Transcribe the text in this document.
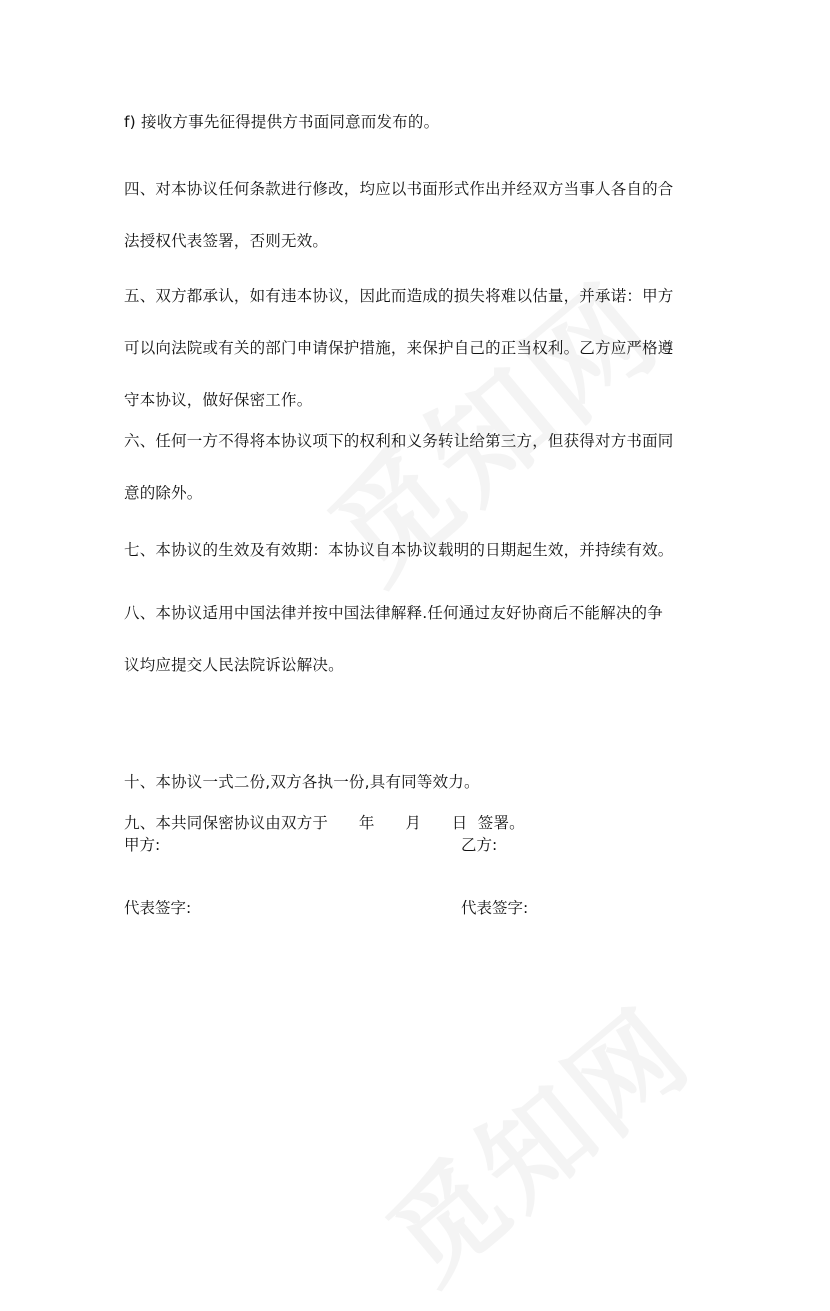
f) 接收方事先征得提供方书面同意而发布的。
四、对本协议任何条款进行修改，均应以书面形式作出并经双方当事人各自的合
法授权代表签署，否则无效。
五、双方都承认，如有违本协议，因此而造成的损失将难以估量，并承诺：甲方
可以向法院或有关的部门申请保护措施，来保护自己的正当权利。乙方应严格遵
守本协议，做好保密工作。
六、任何一方不得将本协议项下的权利和义务转让给第三方，但获得对方书面同
意的除外。
七、本协议的生效及有效期：本协议自本协议载明的日期起生效，并持续有效。
八、本协议适用中国法律并按中国法律解释.任何通过友好协商后不能解决的争
议均应提交人民法院诉讼解决。

九、本共同保密协议由双方于      年      月      日  签署。

十、本协议一式二份,双方各执一份,具有同等效力。
甲方:	乙方:
代表签字:	代表签字:
